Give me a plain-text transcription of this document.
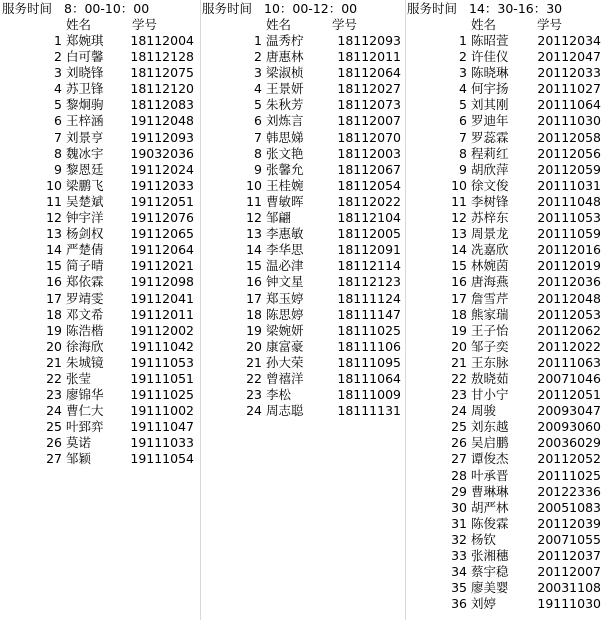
服务时间 8：00-10：00
姓名	学号
1 郑婉琪 18112004
2 白可馨 18112128
3 刘晓锋 18112075
4 苏卫锋 18112120
5 黎炯驹 18112083
6 王梓涵 19112048
7 刘景亨 19112093
8 魏冰宇 19032036
9 黎恩廷 19112024
10 梁鹏飞 19112033
11 吴楚斌 19112051
12 钟宇洋 19112076
13 杨剑权 19112065
14 严楚倩 19112064
15 简子晴 19112021
16 郑依霖 19112098
17 罗靖雯 19112041
18 邓文希 19112011
19 陈浩楷 19112002
20 徐海欣 19111042
21 朱城镜 19111053
22 张莹	19111051
23 廖锦华 19111025
24 曹仁大 19111002
25 叶郅弈 19111047
26 莫诺	19111033
27 邹颖	19111054
服务时间 10：00-12：00
姓名	学号
1 温秀柠	18112093
2 唐惠林	18112011
3 梁淑桢	18112064
4 王景妍	18112027
5 朱秋芳	18112073
6 刘炼言	18112007
7 韩思娣	18112070
8 张文艳	18112003
9 张馨允	18112067
10 王桂婉	18112054
11 曹敏晖	18112022
12 邹翩	18112104
13 李惠敏	18112005
14 李华思	18112091
15 温必津	18112114
16 钟文星	18112123
17 郑玉婷	18111124
18 陈思婷	18111147
19 梁婉妍	18111025
20 康富豪	18111106
21 孙大荣	18111095
22 曾禧洋	18111064
23 李松	18111009
24 周志聪	18111131
服务时间 14：30-16：30
姓名	学号
1 陈昭萱 20112034
2 许佳仪 20112047
3 陈晓琳 20112033
4 何宇扬 20111027
5 刘其刚 20111064
6 罗迪年 20111030
7 罗蕊霖 20112058
8 程莉红 20112056
9 胡欣萍 20112059
10 徐文俊 20111031
11 李树锋 20111048
12 苏梓东 20111053
13 周景龙 20111059
14 冼嘉欣 20112016
15 林婉茵 20112019
16 唐海燕 20112036
17 詹雪芹 20112048
18 熊家瑞 20112053
19 王子怡 20112062
20 邹子奕 20112022
21 王东脉 20111063
22 敖晓茹 20071046
23 甘小宁 20112051
24 周骏	20093047
25 刘东越 20093060
26 吴启鹏 20036029
27 谭俊杰 20112052
28 叶承晋 20111025
29 曹琳琳 20122336
30 胡严林 20051083
31 陈俊霖 20112039
32 杨钦	20071055
33 张湘穗 20112037
34 蔡宇稳 20112007
35 廖美婴 20031108
36 刘婷	19111030
